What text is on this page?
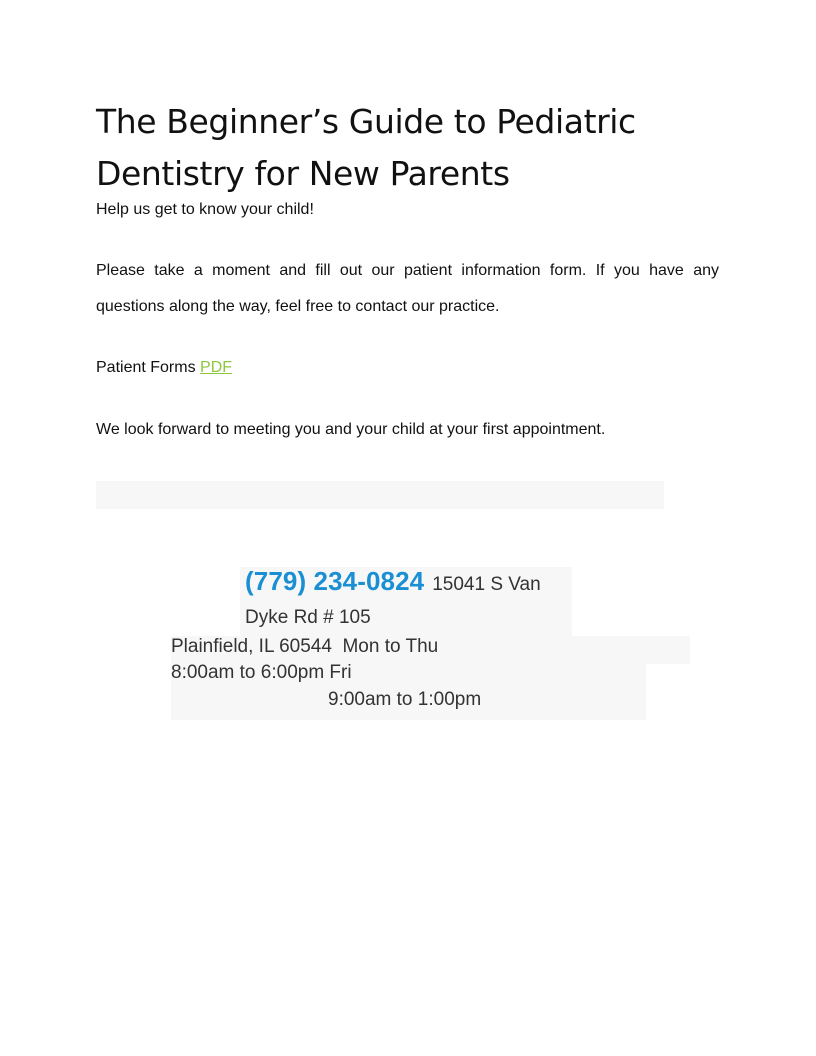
The Beginner’s Guide to Pediatric Dentistry for New Parents

Help us get to know your child!

Please take a moment and fill out our patient information form. If you have any questions along the way, feel free to contact our practice.

Patient Forms PDF

We look forward to meeting you and your child at your first appointment.

(779) 234-0824 15041 S Van

Dyke Rd # 105

Plainfield, IL 60544  Mon to Thu

8:00am to 6:00pm Fri

9:00am to 1:00pm
